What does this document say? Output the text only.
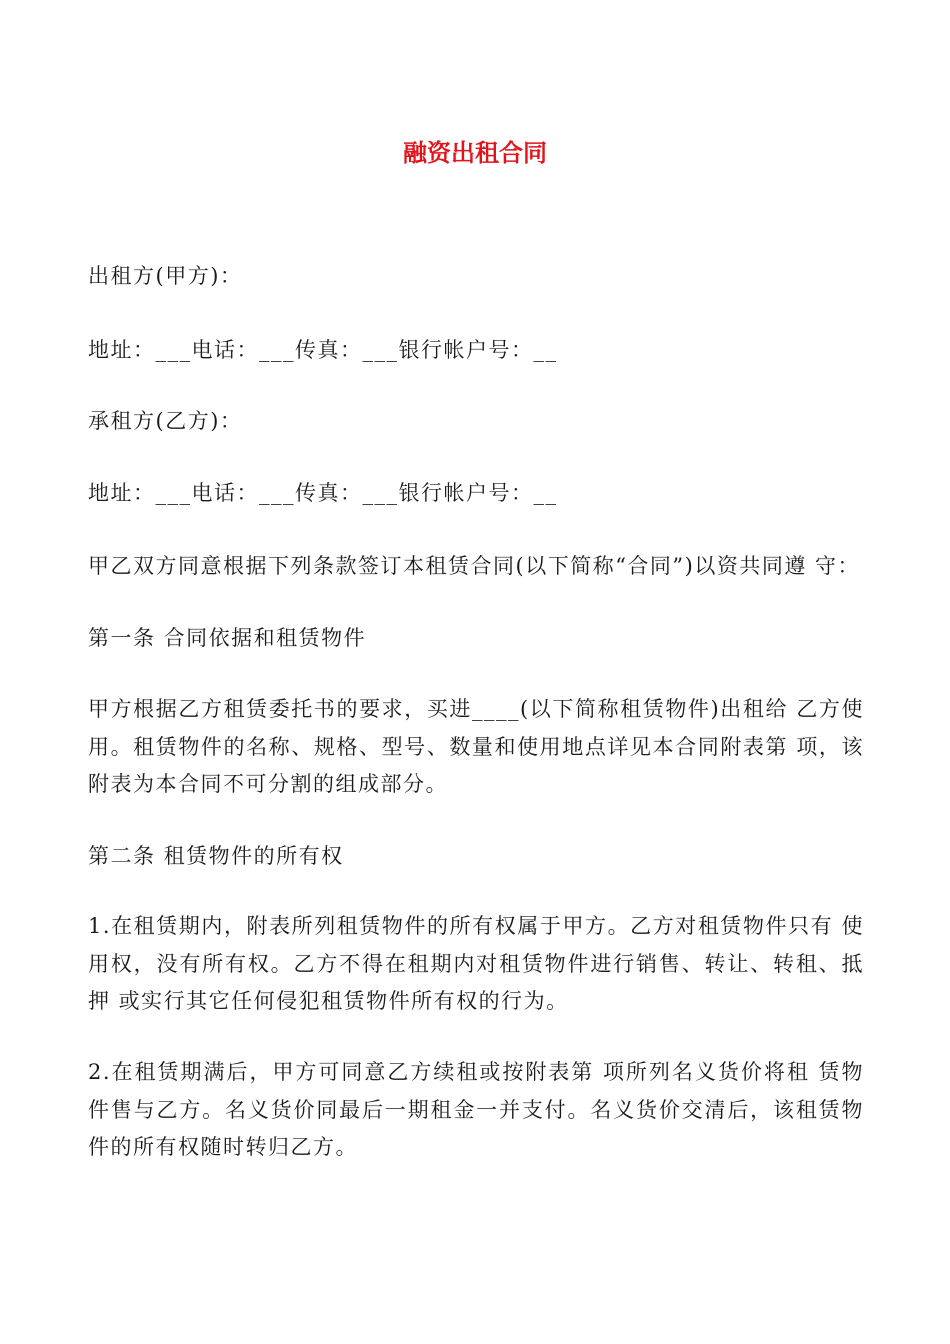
融资出租合同
出租方(甲方)：
地址：___电话：___传真：___银行帐户号：__
承租方(乙方)：
地址：___电话：___传真：___银行帐户号：__
甲乙双方同意根据下列条款签订本租赁合同(以下简称“合同”)以资共同遵 守：
第一条 合同依据和租赁物件
甲方根据乙方租赁委托书的要求，买进____(以下简称租赁物件)出租给 乙方使用。租赁物件的名称、规格、型号、数量和使用地点详见本合同附表第 项，该附表为本合同不可分割的组成部分。
第二条 租赁物件的所有权
1.在租赁期内，附表所列租赁物件的所有权属于甲方。乙方对租赁物件只有 使用权，没有所有权。乙方不得在租期内对租赁物件进行销售、转让、转租、抵押 或实行其它任何侵犯租赁物件所有权的行为。
2.在租赁期满后，甲方可同意乙方续租或按附表第 项所列名义货价将租 赁物件售与乙方。名义货价同最后一期租金一并支付。名义货价交清后，该租赁物件的所有权随时转归乙方。
